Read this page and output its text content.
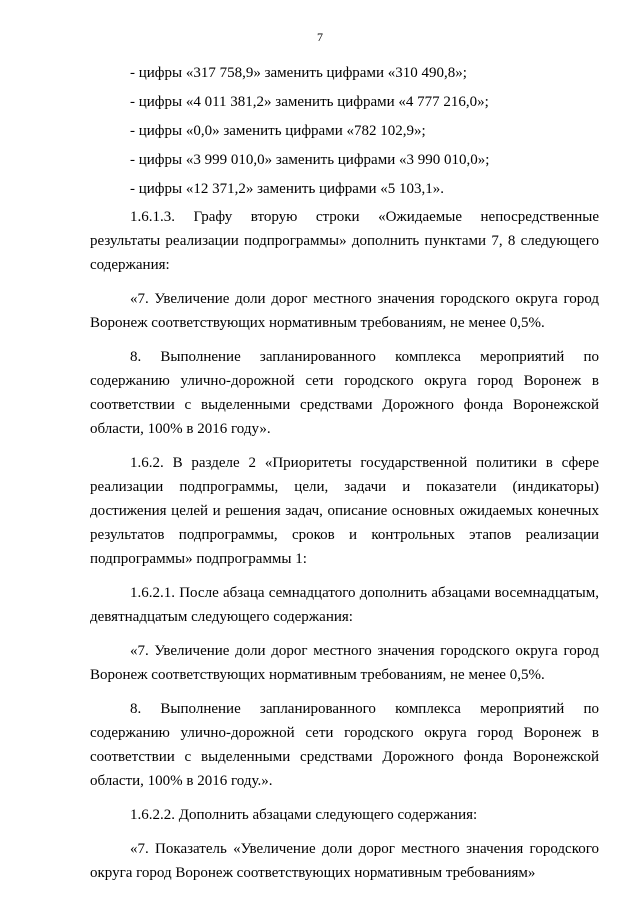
7
- цифры «317 758,9» заменить цифрами «310 490,8»;
- цифры «4 011 381,2» заменить цифрами «4 777 216,0»;
- цифры «0,0» заменить цифрами «782 102,9»;
- цифры «3 999 010,0» заменить цифрами «3 990 010,0»;
- цифры «12 371,2» заменить цифрами «5 103,1».

1.6.1.3. Графу вторую строки «Ожидаемые непосредственные результаты реализации подпрограммы» дополнить пунктами 7, 8 следующего содержания:

«7. Увеличение доли дорог местного значения городского округа город Воронеж соответствующих нормативным требованиям, не менее 0,5%.

8. Выполнение запланированного комплекса мероприятий по содержанию улично-дорожной сети городского округа город Воронеж в соответствии с выделенными средствами Дорожного фонда Воронежской области, 100% в 2016 году».

1.6.2. В разделе 2 «Приоритеты государственной политики в сфере реализации подпрограммы, цели, задачи и показатели (индикаторы) достижения целей и решения задач, описание основных ожидаемых конечных результатов подпрограммы, сроков и контрольных этапов реализации подпрограммы» подпрограммы 1:

1.6.2.1. После абзаца семнадцатого дополнить абзацами восемнадцатым, девятнадцатым следующего содержания:

«7. Увеличение доли дорог местного значения городского округа город Воронеж соответствующих нормативным требованиям, не менее 0,5%.

8. Выполнение запланированного комплекса мероприятий по содержанию улично-дорожной сети городского округа город Воронеж в соответствии с выделенными средствами Дорожного фонда Воронежской области, 100% в 2016 году.».

1.6.2.2. Дополнить абзацами следующего содержания:

«7. Показатель «Увеличение доли дорог местного значения городского округа город Воронеж соответствующих нормативным требованиям»
